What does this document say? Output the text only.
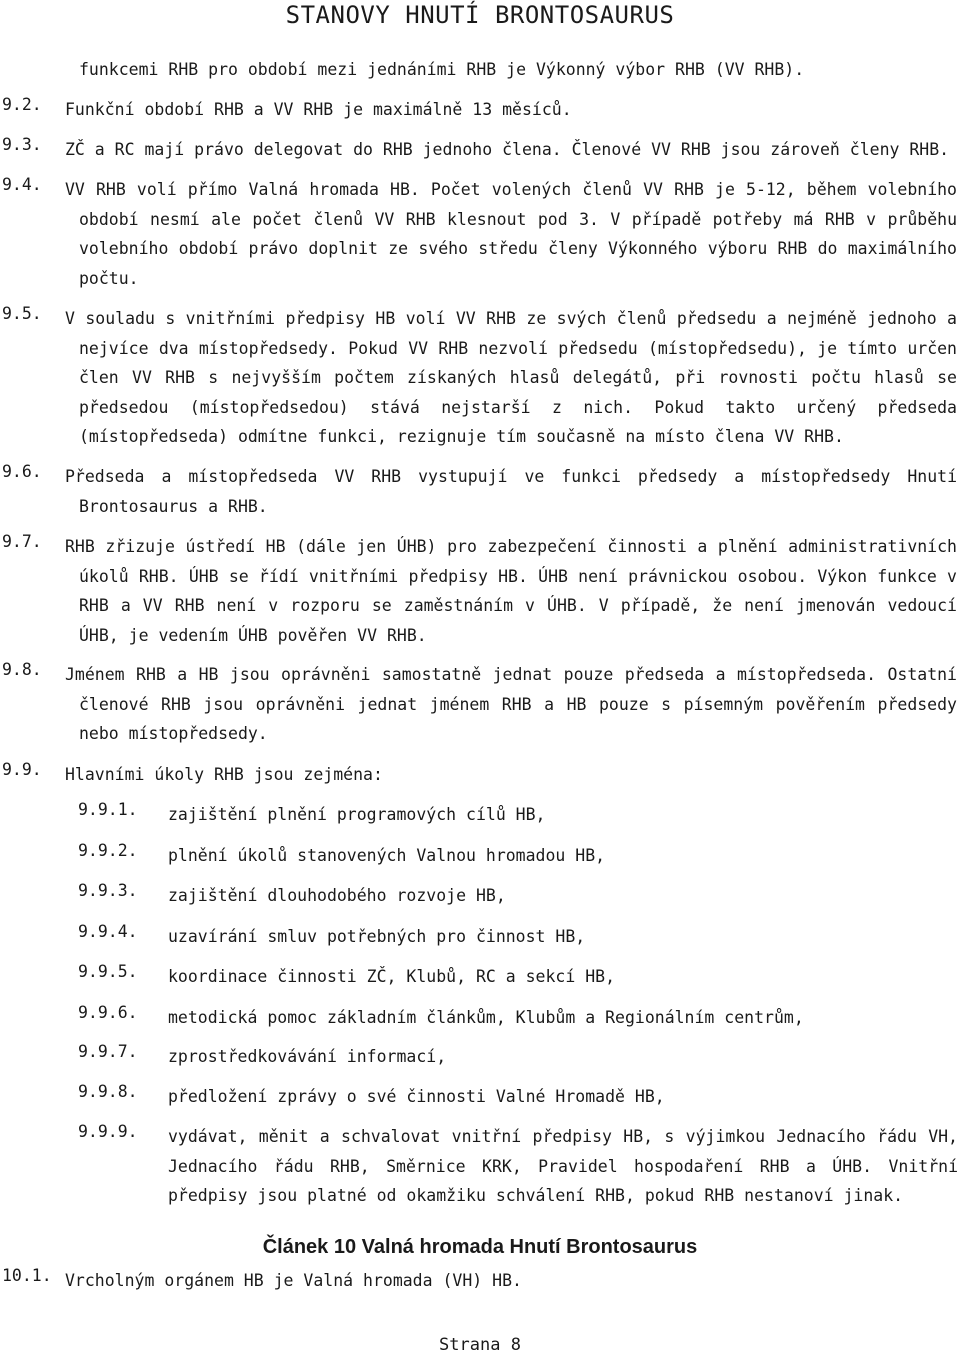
STANOVY HNUTÍ BRONTOSAURUS
funkcemi RHB pro období mezi jednáními RHB je Výkonný výbor RHB (VV RHB).
9.2. Funkční období RHB a VV RHB je maximálně 13 měsíců.
9.3. ZČ a RC mají právo delegovat do RHB jednoho člena. Členové VV RHB jsou zároveň členy RHB.
9.4. VV RHB volí přímo Valná hromada HB. Počet volených členů VV RHB je 5-12, během volebního období nesmí ale počet členů VV RHB klesnout pod 3. V případě potřeby má RHB v průběhu volebního období právo doplnit ze svého středu členy Výkonného výboru RHB do maximálního počtu.
9.5. V souladu s vnitřními předpisy HB volí VV RHB ze svých členů předsedu a nejméně jednoho a nejvíce dva místopředsedy. Pokud VV RHB nezvolí předsedu (místopředsedu), je tímto určen člen VV RHB s nejvyšším počtem získaných hlasů delegátů, při rovnosti počtu hlasů se předsedou (místopředsedou) stává nejstarší z nich. Pokud takto určený předseda (místopředseda) odmítne funkci, rezignuje tím současně na místo člena VV RHB.
9.6. Předseda a místopředseda VV RHB vystupují ve funkci předsedy a místopředsedy Hnutí Brontosaurus a RHB.
9.7. RHB zřizuje ústředí HB (dále jen ÚHB) pro zabezpečení činnosti a plnění administrativních úkolů RHB. ÚHB se řídí vnitřními předpisy HB. ÚHB není právnickou osobou. Výkon funkce v RHB a VV RHB není v rozporu se zaměstnáním v ÚHB. V případě, že není jmenován vedoucí ÚHB, je vedením ÚHB pověřen VV RHB.
9.8. Jménem RHB a HB jsou oprávněni samostatně jednat pouze předseda a místopředseda. Ostatní členové RHB jsou oprávněni jednat jménem RHB a HB pouze s písemným pověřením předsedy nebo místopředsedy.
9.9. Hlavními úkoly RHB jsou zejména:
9.9.1. zajištění plnění programových cílů HB,
9.9.2. plnění úkolů stanovených Valnou hromadou HB,
9.9.3. zajištění dlouhodobého rozvoje HB,
9.9.4. uzavírání smluv potřebných pro činnost HB,
9.9.5. koordinace činnosti ZČ, Klubů, RC a sekcí HB,
9.9.6. metodická pomoc základním článkům, Klubům a Regionálním centrům,
9.9.7. zprostředkovávání informací,
9.9.8. předložení zprávy o své činnosti Valné Hromadě HB,
9.9.9. vydávat, měnit a schvalovat vnitřní předpisy HB, s výjimkou Jednacího řádu VH, Jednacího řádu RHB, Směrnice KRK, Pravidel hospodaření RHB a ÚHB. Vnitřní předpisy jsou platné od okamžiku schválení RHB, pokud RHB nestanoví jinak.
Článek 10 Valná hromada Hnutí Brontosaurus
10.1. Vrcholným orgánem HB je Valná hromada (VH) HB.
Strana 8
